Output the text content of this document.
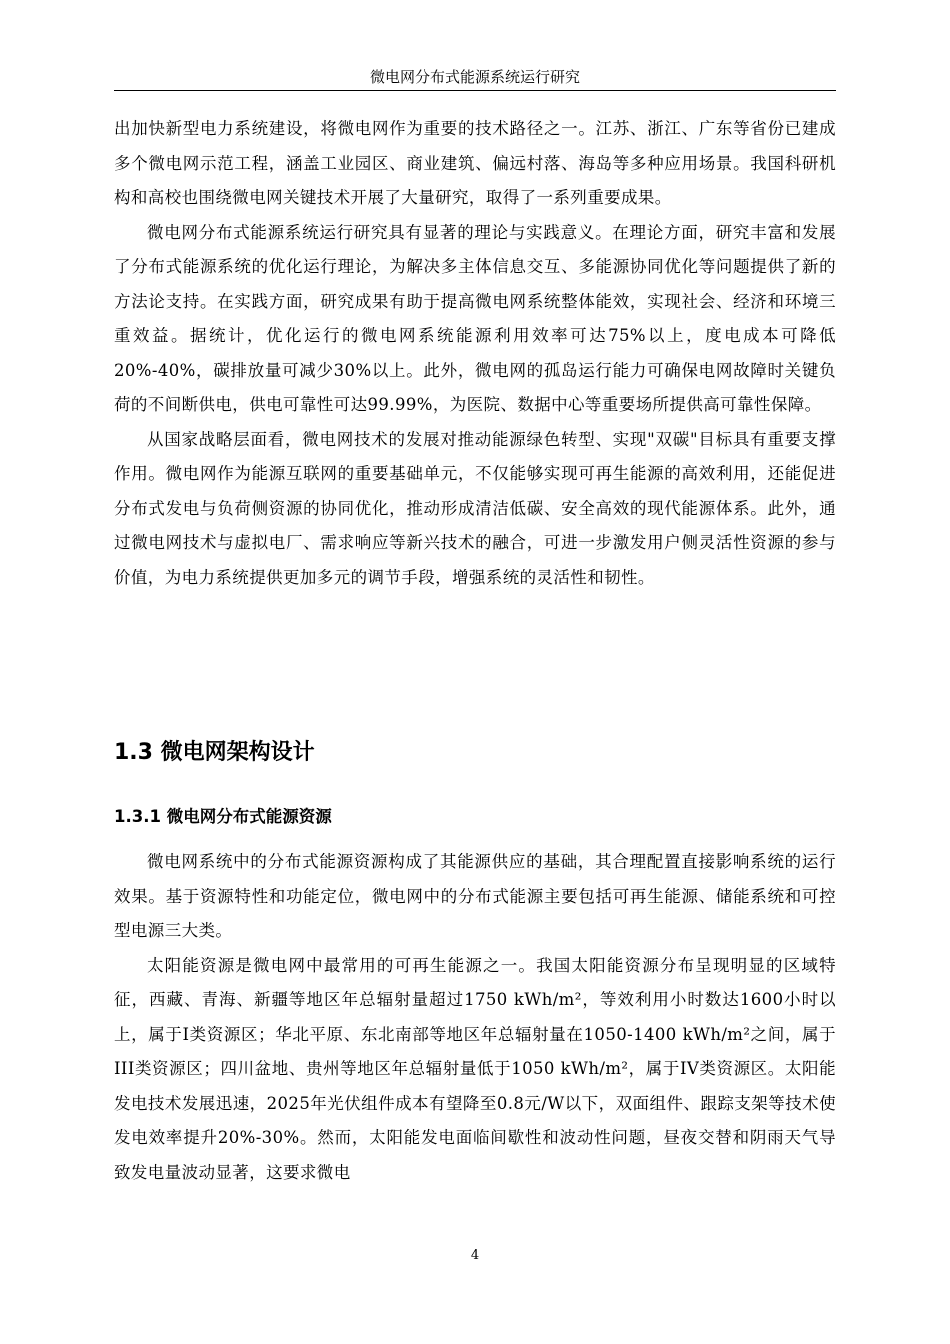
微电网分布式能源系统运行研究

出加快新型电力系统建设，将微电网作为重要的技术路径之一。江苏、浙江、广东等省份已建成多个微电网示范工程，涵盖工业园区、商业建筑、偏远村落、海岛等多种应用场景。我国科研机构和高校也围绕微电网关键技术开展了大量研究，取得了一系列重要成果。

微电网分布式能源系统运行研究具有显著的理论与实践意义。在理论方面，研究丰富和发展了分布式能源系统的优化运行理论，为解决多主体信息交互、多能源协同优化等问题提供了新的方法论支持。在实践方面，研究成果有助于提高微电网系统整体能效，实现社会、经济和环境三重效益。据统计，优化运行的微电网系统能源利用效率可达75%以上，度电成本可降低20%-40%，碳排放量可减少30%以上。此外，微电网的孤岛运行能力可确保电网故障时关键负荷的不间断供电，供电可靠性可达99.99%，为医院、数据中心等重要场所提供高可靠性保障。

从国家战略层面看，微电网技术的发展对推动能源绿色转型、实现"双碳"目标具有重要支撑作用。微电网作为能源互联网的重要基础单元，不仅能够实现可再生能源的高效利用，还能促进分布式发电与负荷侧资源的协同优化，推动形成清洁低碳、安全高效的现代能源体系。此外，通过微电网技术与虚拟电厂、需求响应等新兴技术的融合，可进一步激发用户侧灵活性资源的参与价值，为电力系统提供更加多元的调节手段，增强系统的灵活性和韧性。

1.3 微电网架构设计
1.3.1 微电网分布式能源资源

微电网系统中的分布式能源资源构成了其能源供应的基础，其合理配置直接影响系统的运行效果。基于资源特性和功能定位，微电网中的分布式能源主要包括可再生能源、储能系统和可控型电源三大类。

太阳能资源是微电网中最常用的可再生能源之一。我国太阳能资源分布呈现明显的区域特征，西藏、青海、新疆等地区年总辐射量超过1750 kWh/m²，等效利用小时数达1600小时以上，属于I类资源区；华北平原、东北南部等地区年总辐射量在1050-1400 kWh/m²之间，属于III类资源区；四川盆地、贵州等地区年总辐射量低于1050 kWh/m²，属于IV类资源区。太阳能发电技术发展迅速，2025年光伏组件成本有望降至0.8元/W以下，双面组件、跟踪支架等技术使发电效率提升20%-30%。然而，太阳能发电面临间歇性和波动性问题，昼夜交替和阴雨天气导致发电量波动显著，这要求微电

4
